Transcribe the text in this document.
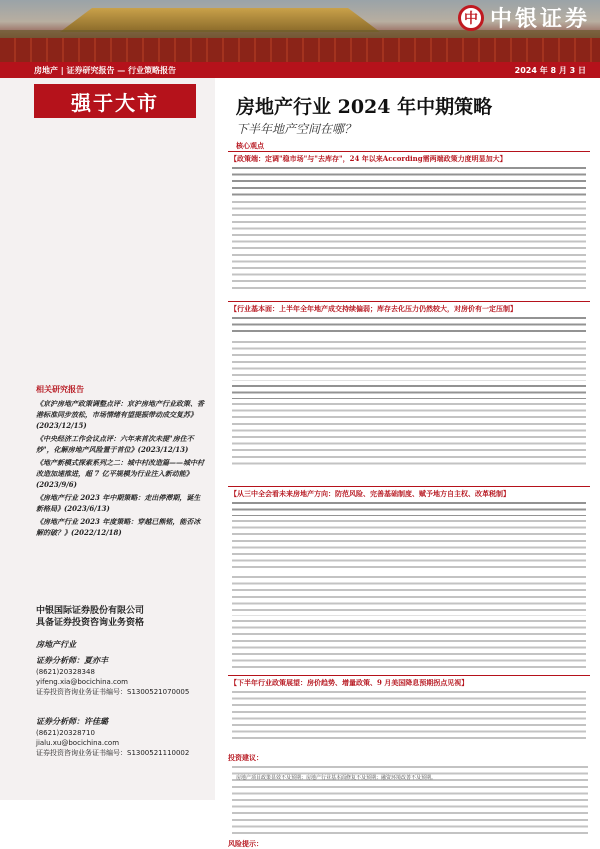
中 中银证券
房地产 | 证券研究报告 — 行业策略报告	2024 年 8 月 3 日
强于大市
相关研究报告
《京沪房地产政策调整点评：京沪房地产行业政策、香港标准同步放松，市场情绪有望提振带动成交复苏》(2023/12/15)
《中央经济工作会议点评：六年来首次未提"房住不炒"，化解房地产风险置于首位》(2023/12/13)
《地产新模式探索系列之二：城中村改造篇——城中村改造加速推进，超 7 亿平规模为行业注入新动能》(2023/9/6)
《房地产行业 2023 年中期策略：走出停滞期，诞生新格局》(2023/6/13)
《房地产行业 2023 年度策略：穿越已熊铭，能否冰解的破？》(2022/12/18)
中银国际证券股份有限公司
具备证券投资咨询业务资格
房地产行业
证券分析师：夏亦丰
(8621)20328348
yifeng.xia@bocichina.com
证券投资咨询业务证书编号：S1300521070005
证券分析师：许佳璐
(8621)20328710
jialu.xu@bocichina.com
证券投资咨询业务证书编号：S1300521110002
房地产行业 2024 年中期策略
下半年地产空间在哪？
核心观点
【政策端：定调"稳市场"与"去库存"，24 年以来According需两端政策力度明显加大】
【行业基本面：上半年全年地产成交持续偏弱；库存去化压力仍然较大，对房价有一定压制】
【从三中全会看未来房地产方向：防范风险、完善基础制度、赋予地方自主权、改革税制】
【下半年行业政策展望：房价趋势、增量政策、9 月美国降息预期拐点见视】
投资建议：
风险提示：
房地产项目政策显效不及预期；房地产行业基本面修复不及预期；融资环境改善不及预期。
